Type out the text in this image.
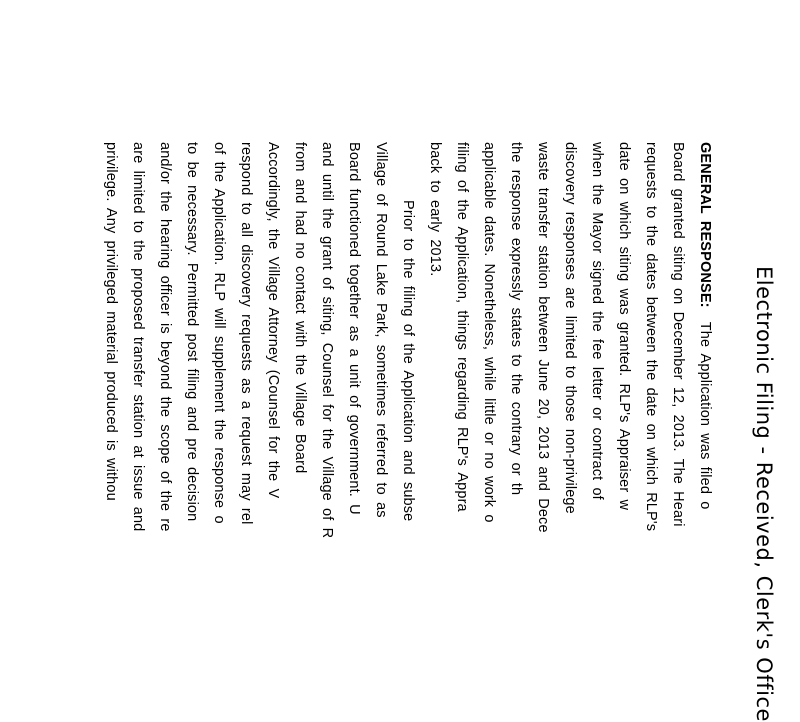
Electronic Filing - Received, Clerk's Office
GENERAL RESPONSE:  The Application was filed o
Board granted siting on December 12, 2013. The Heari
requests to the dates between the date on which RLP's
date on which siting was granted. RLP's Appraiser w
when the Mayor signed the fee letter or contract of
discovery responses are limited to those non-privilege
waste transfer station between June 20, 2013 and Dece
the response expressly states to the contrary or th
applicable dates. Nonetheless, while little or no work o
filing of the Application, things regarding RLP's Appra
back to early 2013.
Prior to the filing of the Application and subse
Village of Round Lake Park, sometimes referred to as
Board functioned together as a unit of government. U
and until the grant of siting, Counsel for the Village of R
from and had no contact with the Village Board
Accordingly, the Village Attorney (Counsel for the V
respond to all discovery requests as a request may rel
of the Application. RLP will supplement the response o
to be necessary. Permitted post filing and pre decision
and/or the hearing officer is beyond the scope of the re
are limited to the proposed transfer station at issue and
privilege. Any privileged material produced is withou
